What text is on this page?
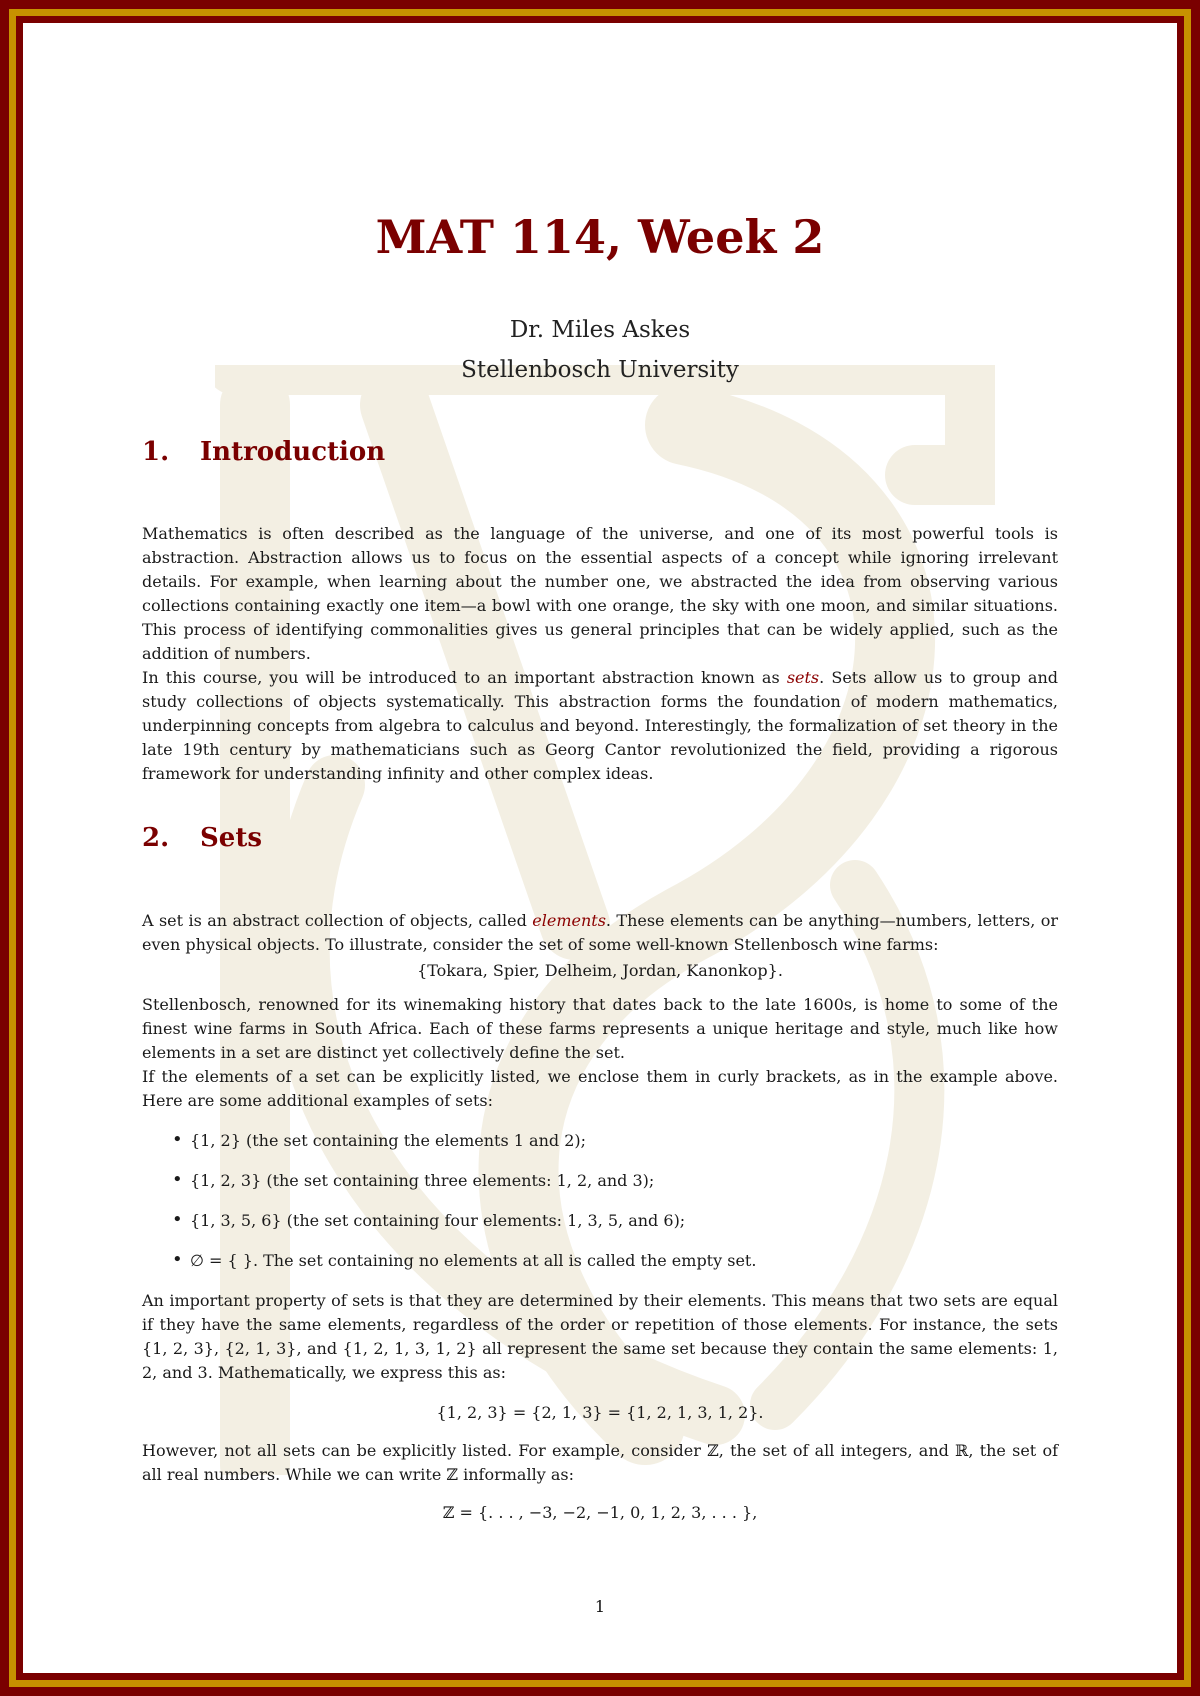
MAT 114, Week 2
Dr. Miles Askes
Stellenbosch University
1. Introduction

Mathematics is often described as the language of the universe, and one of its most powerful tools is abstraction. Abstraction allows us to focus on the essential aspects of a concept while ignoring irrelevant details. For example, when learning about the number one, we abstracted the idea from observing various collections containing exactly one item—a bowl with one orange, the sky with one moon, and similar situations. This process of identifying commonalities gives us general principles that can be widely applied, such as the addition of numbers.

In this course, you will be introduced to an important abstraction known as sets. Sets allow us to group and study collections of objects systematically. This abstraction forms the foundation of modern mathematics, underpinning concepts from algebra to calculus and beyond. Interestingly, the formalization of set theory in the late 19th century by mathematicians such as Georg Cantor revolutionized the field, providing a rigorous framework for understanding infinity and other complex ideas.

2. Sets

A set is an abstract collection of objects, called elements. These elements can be anything—numbers, letters, or even physical objects. To illustrate, consider the set of some well-known Stellenbosch wine farms:

{Tokara, Spier, Delheim, Jordan, Kanonkop}.

Stellenbosch, renowned for its winemaking history that dates back to the late 1600s, is home to some of the finest wine farms in South Africa. Each of these farms represents a unique heritage and style, much like how elements in a set are distinct yet collectively define the set.

If the elements of a set can be explicitly listed, we enclose them in curly brackets, as in the example above. Here are some additional examples of sets:

• {1, 2} (the set containing the elements 1 and 2);
• {1, 2, 3} (the set containing three elements: 1, 2, and 3);
• {1, 3, 5, 6} (the set containing four elements: 1, 3, 5, and 6);
• ∅ = { }. The set containing no elements at all is called the empty set.

An important property of sets is that they are determined by their elements. This means that two sets are equal if they have the same elements, regardless of the order or repetition of those elements. For instance, the sets {1, 2, 3}, {2, 1, 3}, and {1, 2, 1, 3, 1, 2} all represent the same set because they contain the same elements: 1, 2, and 3. Mathematically, we express this as:

{1, 2, 3} = {2, 1, 3} = {1, 2, 1, 3, 1, 2}.

However, not all sets can be explicitly listed. For example, consider ℤ, the set of all integers, and ℝ, the set of all real numbers. While we can write ℤ informally as:

ℤ = {. . . , −3, −2, −1, 0, 1, 2, 3, . . . },
1
